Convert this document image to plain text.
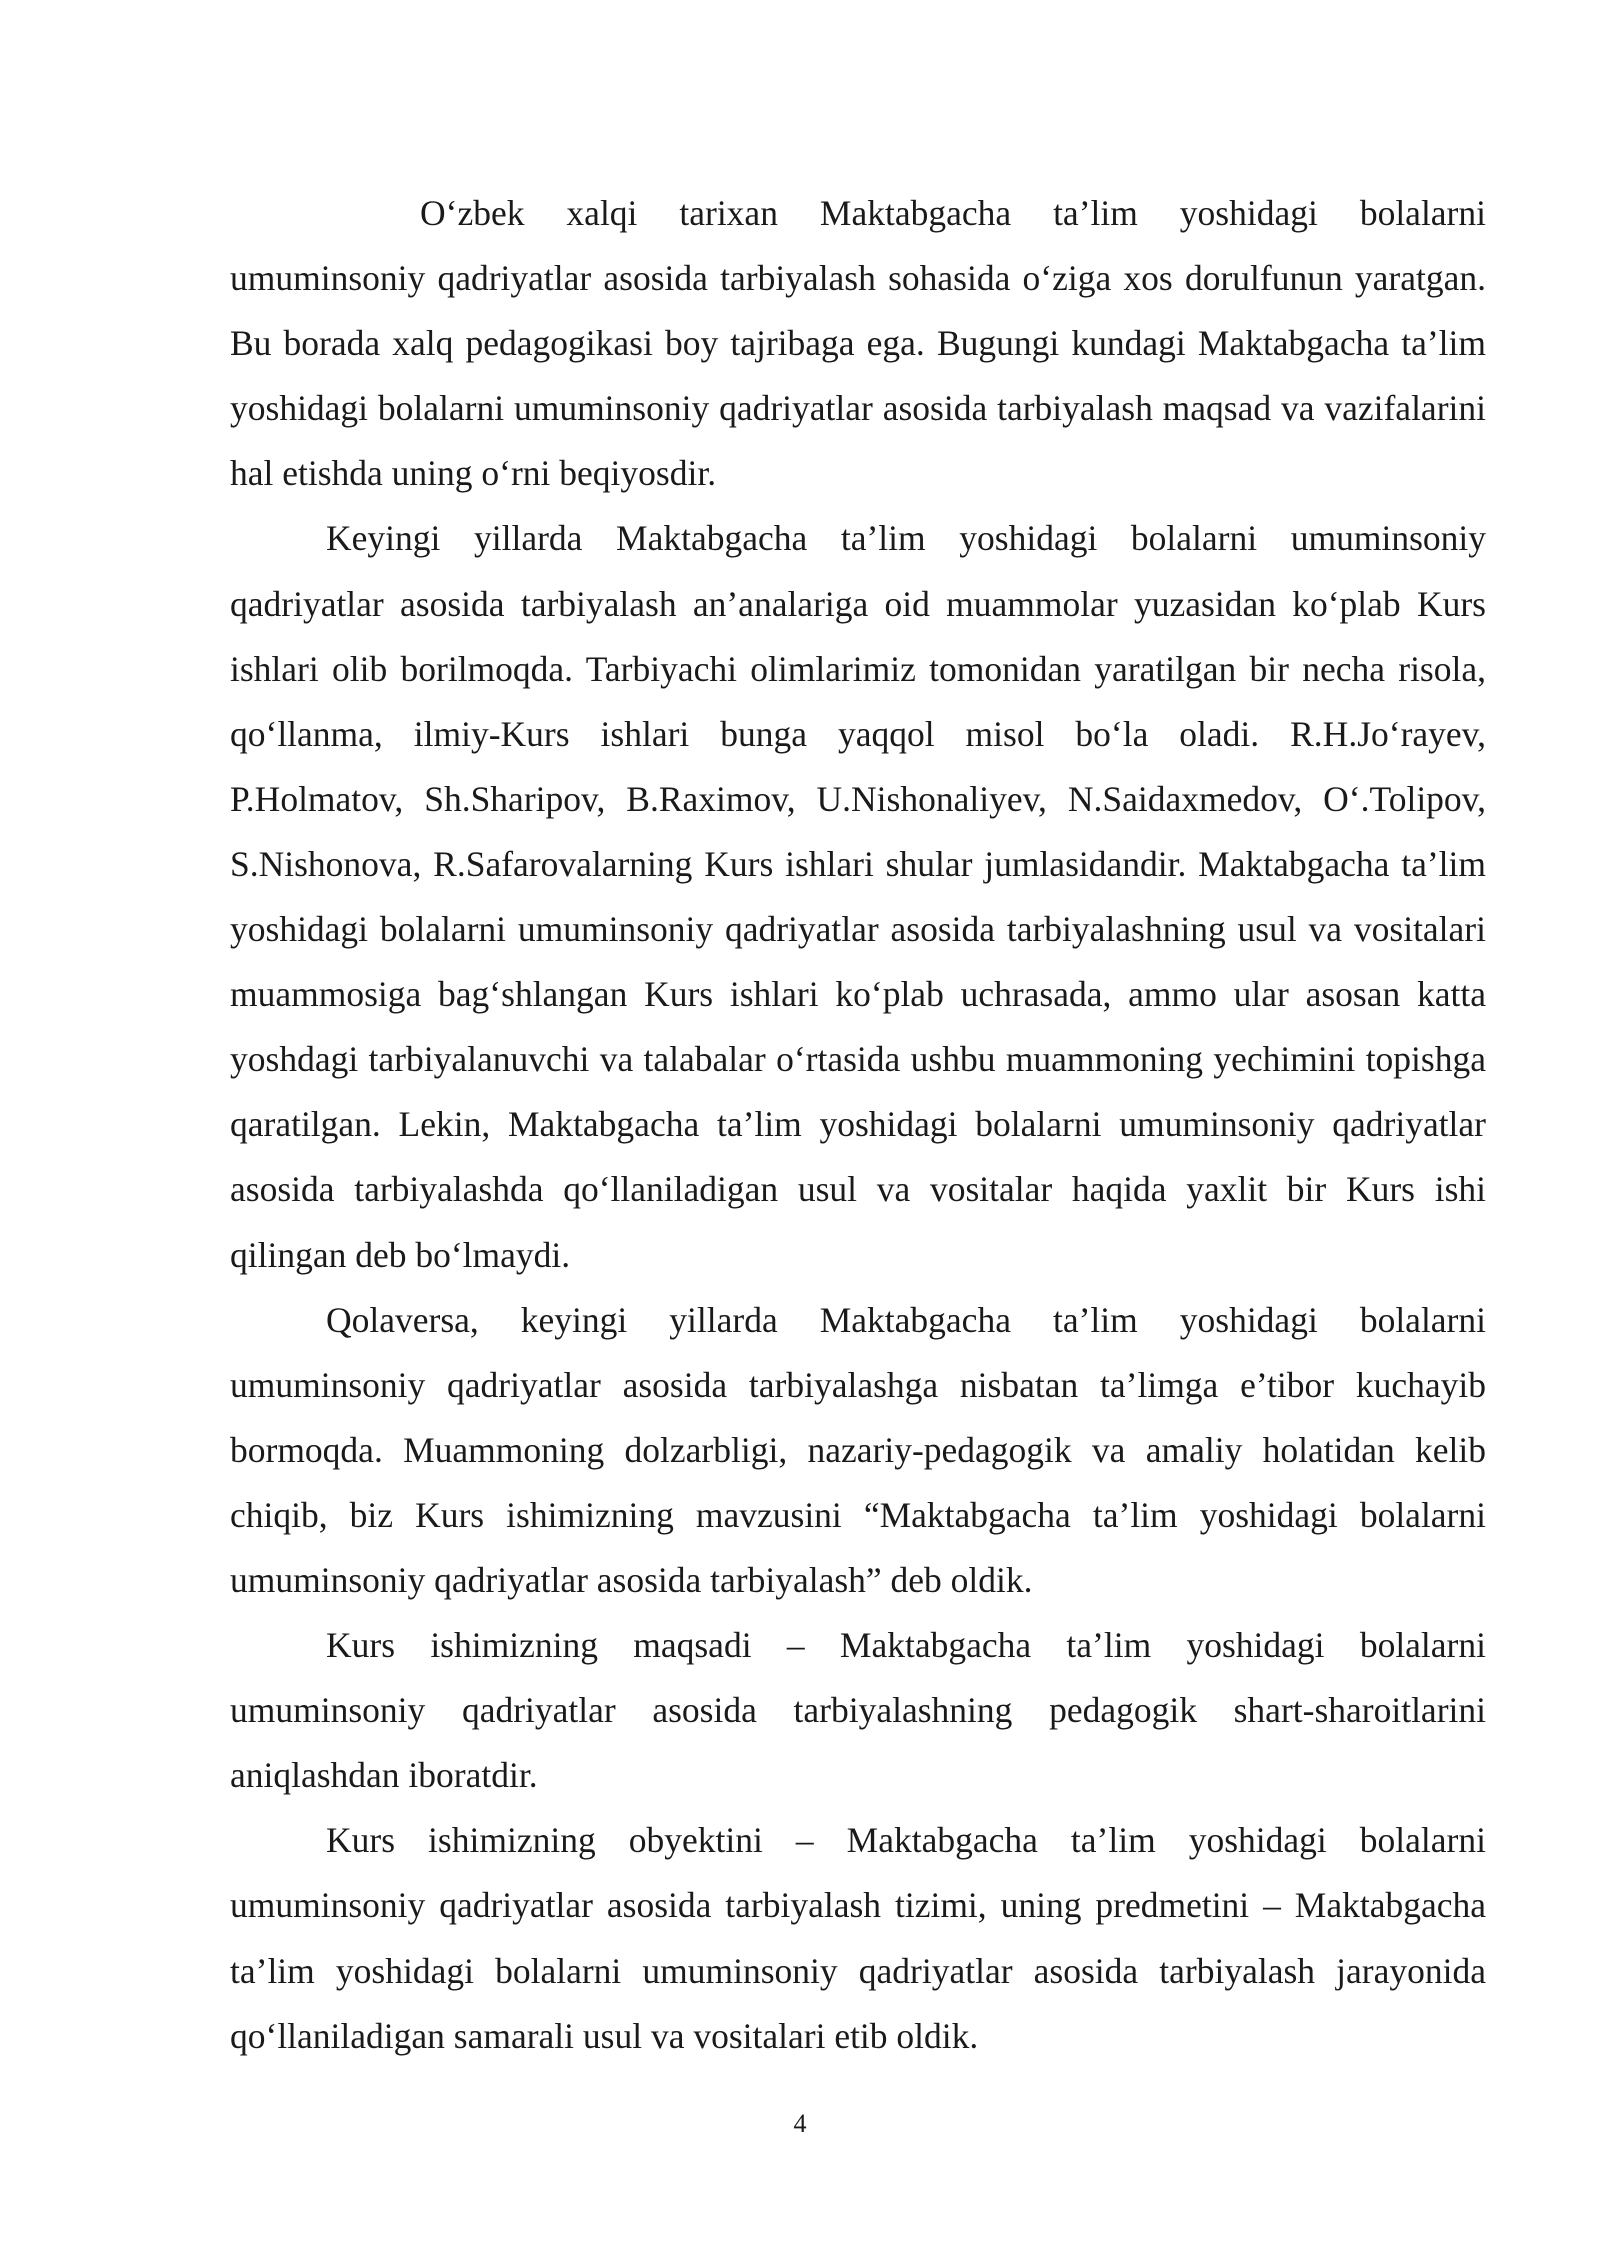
O‘zbek xalqi tarixan Maktabgacha ta’lim yoshidagi bolalarni umuminsoniy qadriyatlar asosida tarbiyalash sohasida o‘ziga xos dorulfunun yaratgan. Bu borada xalq pedagogikasi boy tajribaga ega. Bugungi kundagi Maktabgacha ta’lim yoshidagi bolalarni umuminsoniy qadriyatlar asosida tarbiyalash maqsad va vazifalarini hal etishda uning o‘rni beqiyosdir.

Keyingi yillarda Maktabgacha ta’lim yoshidagi bolalarni umuminsoniy qadriyatlar asosida tarbiyalash an’analariga oid muammolar yuzasidan ko‘plab Kurs ishlari olib borilmoqda. Tarbiyachi olimlarimiz tomonidan yaratilgan bir necha risola, qo‘llanma, ilmiy-Kurs ishlari bunga yaqqol misol bo‘la oladi. R.H.Jo‘rayev, P.Holmatov, Sh.Sharipov, B.Raximov, U.Nishonaliyev, N.Saidaxmedov, O‘.Tolipov, S.Nishonova, R.Safarovalarning Kurs ishlari shular jumlasidandir. Maktabgacha ta’lim yoshidagi bolalarni umuminsoniy qadriyatlar asosida tarbiyalashning usul va vositalari muammosiga bag‘shlangan Kurs ishlari ko‘plab uchrasada, ammo ular asosan katta yoshdagi tarbiyalanuvchi va talabalar o‘rtasida ushbu muammoning yechimini topishga qaratilgan. Lekin, Maktabgacha ta’lim yoshidagi bolalarni umuminsoniy qadriyatlar asosida tarbiyalashda qo‘llaniladigan usul va vositalar haqida yaxlit bir Kurs ishi qilingan deb bo‘lmaydi.

Qolaversa, keyingi yillarda Maktabgacha ta’lim yoshidagi bolalarni umuminsoniy qadriyatlar asosida tarbiyalashga nisbatan ta’limga e’tibor kuchayib bormoqda. Muammoning dolzarbligi, nazariy-pedagogik va amaliy holatidan kelib chiqib, biz Kurs ishimizning mavzusini “Maktabgacha ta’lim yoshidagi bolalarni umuminsoniy qadriyatlar asosida tarbiyalash” deb oldik.

Kurs ishimizning maqsadi – Maktabgacha ta’lim yoshidagi bolalarni umuminsoniy qadriyatlar asosida tarbiyalashning pedagogik shart-sharoitlarini aniqlashdan iboratdir.

Kurs ishimizning obyektini – Maktabgacha ta’lim yoshidagi bolalarni umuminsoniy qadriyatlar asosida tarbiyalash tizimi, uning predmetini – Maktabgacha ta’lim yoshidagi bolalarni umuminsoniy qadriyatlar asosida tarbiyalash jarayonida qo‘llaniladigan samarali usul va vositalari etib oldik.

4
